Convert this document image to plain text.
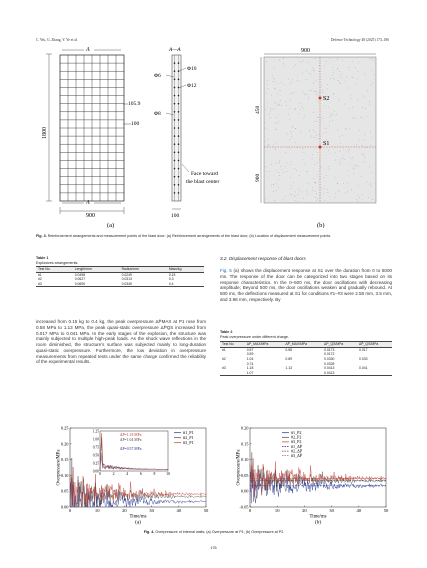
C. Wu, G. Zhang, Y. Ye et al.	Defence Technology 48 (2025) 173–186
A
A
1800
900
105.9
100
A—A
Φ6
Φ10
Φ12
Φ8
Face toward
the blast center
100
(a)
900
S2
S1
450
900
(b)
Fig. 3. Reinforcement arrangements and measurement points of the blast door: (a) Reinforcement arrangements of the blast door; (b) Location of displacement measurement points.
Table 1
Explosives arrangements.
Test No.	Length/mm	Radius/mm	Mass/kg
#1	0.0498	0.0249	0.15
#2	0.0627	0.0313	0.3
#3	0.0690	0.0345	0.4
increased from 0.15 kg to 0.4 kg, the peak overpressure ΔP̄MAX at P1 rose from 0.58 MPa to 1.13 MPa, the peak quasi-static overpressure ΔP̄QS increased from 0.017 MPa to 0.041 MPa. In the early stages of the explosion, the structure was mainly subjected to multiple high-peak loads. As the shock wave reflections in the room diminished, the structure’s surface was subjected mainly to long-duration quasi-static overpressure. Furthermore, the low deviation in overpressure measurements from repeated tests under the same charge confirmed the reliability of the experimental results.
3.2. Displacement response of blast doors
Fig. 5 (a) shows the displacement response at S1 over the duration from 0 to 5000 ms. The response of the door can be categorized into two stages based on its response characteristics. In the 0–500 ms, the door oscillations with decreasing amplitude; Beyond 500 ms, the door oscillations weaken and gradually rebound. At 500 ms, the deflections measured at S1 for conditions #1–#3 were 2.58 mm, 3.5 mm, and 3.98 mm, respectively. By
Table 2
Peak overpressure under different charge.
Test No.	ΔP_MAX/MPa	ΔP̄_MAX/MPa	ΔP_QS/MPa	ΔP̄_QS/MPa
#1	0.57	0.58	0.0173	0.017
	0.59		0.0172	
#2	1.04	0.89	0.0330	0.033
	0.74		0.0328	
#3	1.18	1.13	0.0413	0.041
	1.07		0.0413	
0	10	20	30	40	50
0.00
0.05
0.10
0.15
0.20
0.25
Time/ms
Overpressure/MPa
(a)
#1_P1
#2_P1
#3_P1
0	2	4	6	8	10
0.00
0.25
0.50
0.75
1.00
1.25
ΔP=1.18 MPa
ΔP=1.04 MPa
ΔP=0.57 MPa
0	10	20	30	40	50
-0.05
0.00
0.05
0.10
0.15
0.20
Time/ms
Overpressure/MPa
(b)
#1_P2
#2_P2
#3_P2
#1_ΔP̄
#2_ΔP̄
#3_ΔP̄
Fig. 4. Overpressure of internal walls: (a) Overpressure at P1; (b) Overpressure at P2.
176
